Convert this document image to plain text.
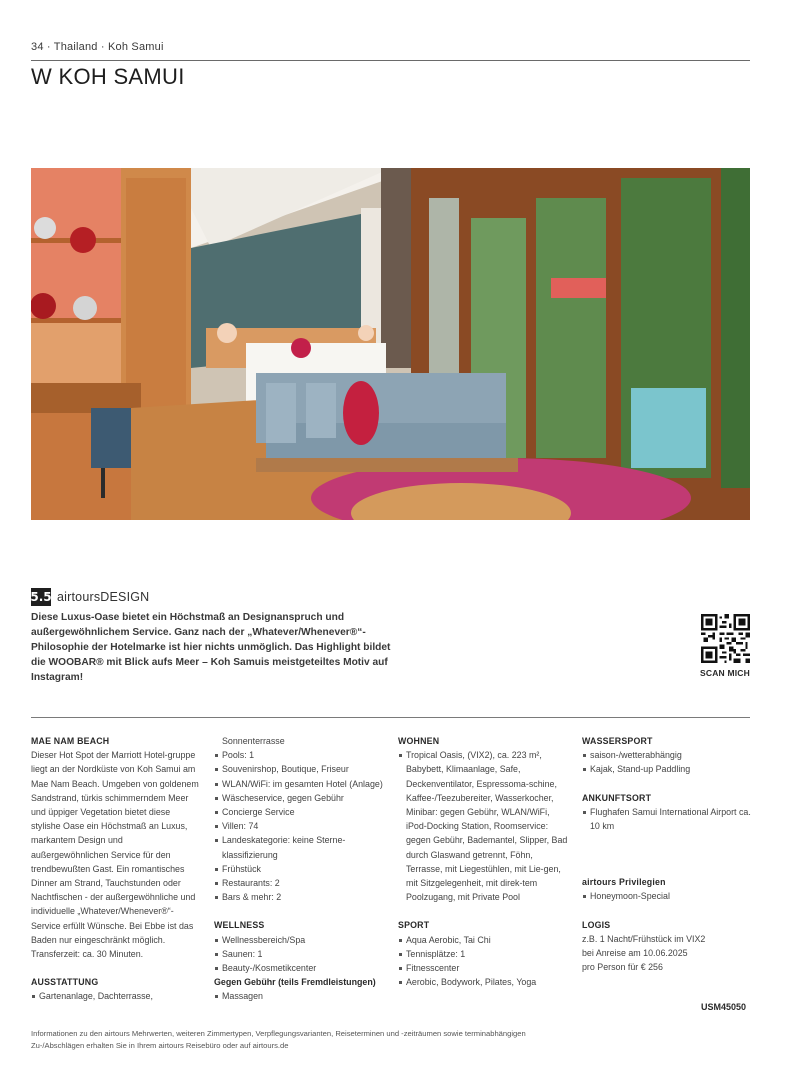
34 · Thailand · Koh Samui
W KOH SAMUI
5.5 airtoursDESIGN

Diese Luxus-Oase bietet ein Höchstmaß an Designanspruch und außergewöhnlichem Service. Ganz nach der „Whatever/Whenever®“-Philosophie der Hotelmarke ist hier nichts unmöglich. Das Highlight bildet die WOOBAR® mit Blick aufs Meer – Koh Samuis meistgeteiltes Motiv auf Instagram!	SCAN MICH
MAE NAM BEACH

Dieser Hot Spot der Marriott Hotel-gruppe liegt an der Nordküste von Koh Samui am Mae Nam Beach. Umgeben von goldenem Sandstrand, türkis schimmerndem Meer und üppiger Vegetation bietet diese stylishe Oase ein Höchstmaß an Luxus, markantem Design und außergewöhnlichen Service für den trendbewußten Gast. Ein romantisches Dinner am Strand, Tauchstunden oder Nachtfischen - der außergewöhnliche und individuelle „Whatever/Whenever®“- Service erfüllt Wünsche. Bei Ebbe ist das Baden nur eingeschränkt möglich. Transferzeit: ca. 30 Minuten.

AUSSTATTUNG
Gartenanlage, Dachterrasse,
Sonnenterrasse
Pools: 1
Souvenirshop, Boutique, Friseur
WLAN/WiFi: im gesamten Hotel (Anlage)
Wäscheservice, gegen Gebühr
Concierge Service
Villen: 74
Landeskategorie: keine Sterne-klassifizierung
Frühstück
Restaurants: 2
Bars & mehr: 2
WELLNESS
Wellnessbereich/Spa
Saunen: 1
Beauty-/Kosmetikcenter

Gegen Gebühr (teils Fremdleistungen)

Massagen
WOHNEN
Tropical Oasis, (VIX2), ca. 223 m², Babybett, Klimaanlage, Safe, Deckenventilator, Espressoma-schine, Kaffee-/Teezubereiter, Wasserkocher, Minibar: gegen Gebühr, WLAN/WiFi, iPod-Docking Station, Roomservice: gegen Gebühr, Bademantel, Slipper, Bad durch Glaswand getrennt, Föhn, Terrasse, mit Liegestühlen, mit Lie-gen, mit Sitzgelegenheit, mit direk-tem Poolzugang, mit Private Pool
SPORT
Aqua Aerobic, Tai Chi
Tennisplätze: 1
Fitnesscenter
Aerobic, Bodywork, Pilates, Yoga
WASSERSPORT
saison-/wetterabhängig
Kajak, Stand-up Paddling
ANKUNFTSORT
Flughafen Samui International Airport ca. 10 km
airtours Privilegien
Honeymoon-Special
LOGIS

z.B. 1 Nacht/Frühstück im VIX2

bei Anreise am 10.06.2025

pro Person für € 256

USM45050

Informationen zu den airtours Mehrwerten, weiteren Zimmertypen, Verpflegungsvarianten, Reiseterminen und -zeiträumen sowie terminabhängigen Zu-/Abschlägen erhalten Sie in Ihrem airtours Reisebüro oder auf airtours.de
